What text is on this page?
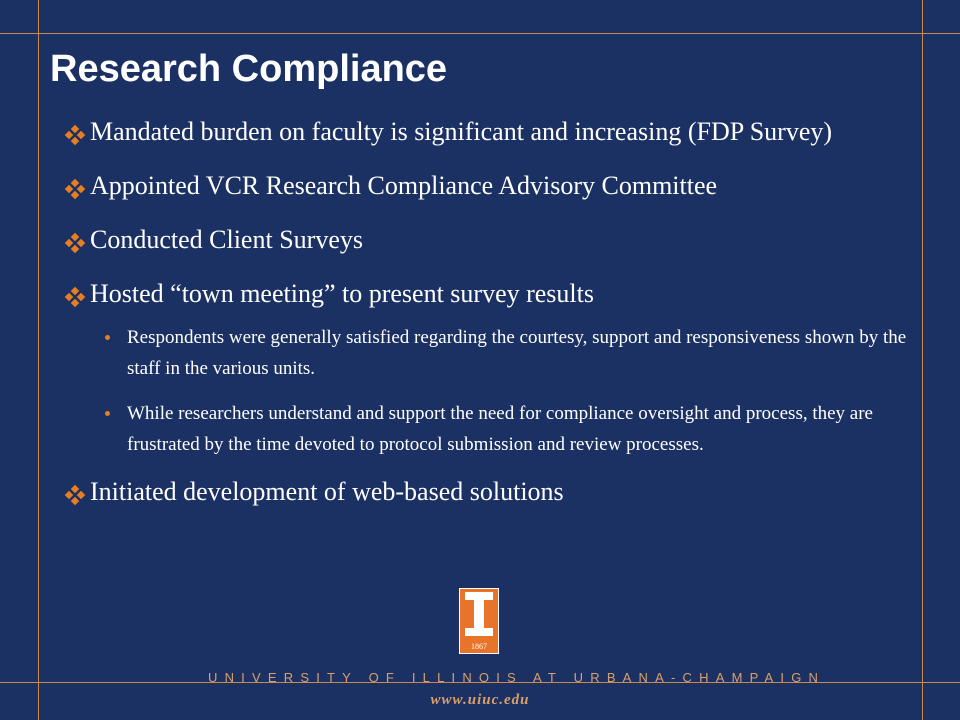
Research Compliance
Mandated burden on faculty is significant and increasing (FDP Survey)
Appointed VCR Research Compliance Advisory Committee
Conducted Client Surveys
Hosted “town meeting” to present survey results
Respondents were generally satisfied regarding the courtesy, support and responsiveness shown by the staff in the various units.
While researchers understand and support the need for compliance oversight and process, they are frustrated by the time devoted to protocol submission and review processes.
Initiated development of web-based solutions
1867
UNIVERSITY OF ILLINOIS AT URBANA-CHAMPAIGN
www.uiuc.edu
